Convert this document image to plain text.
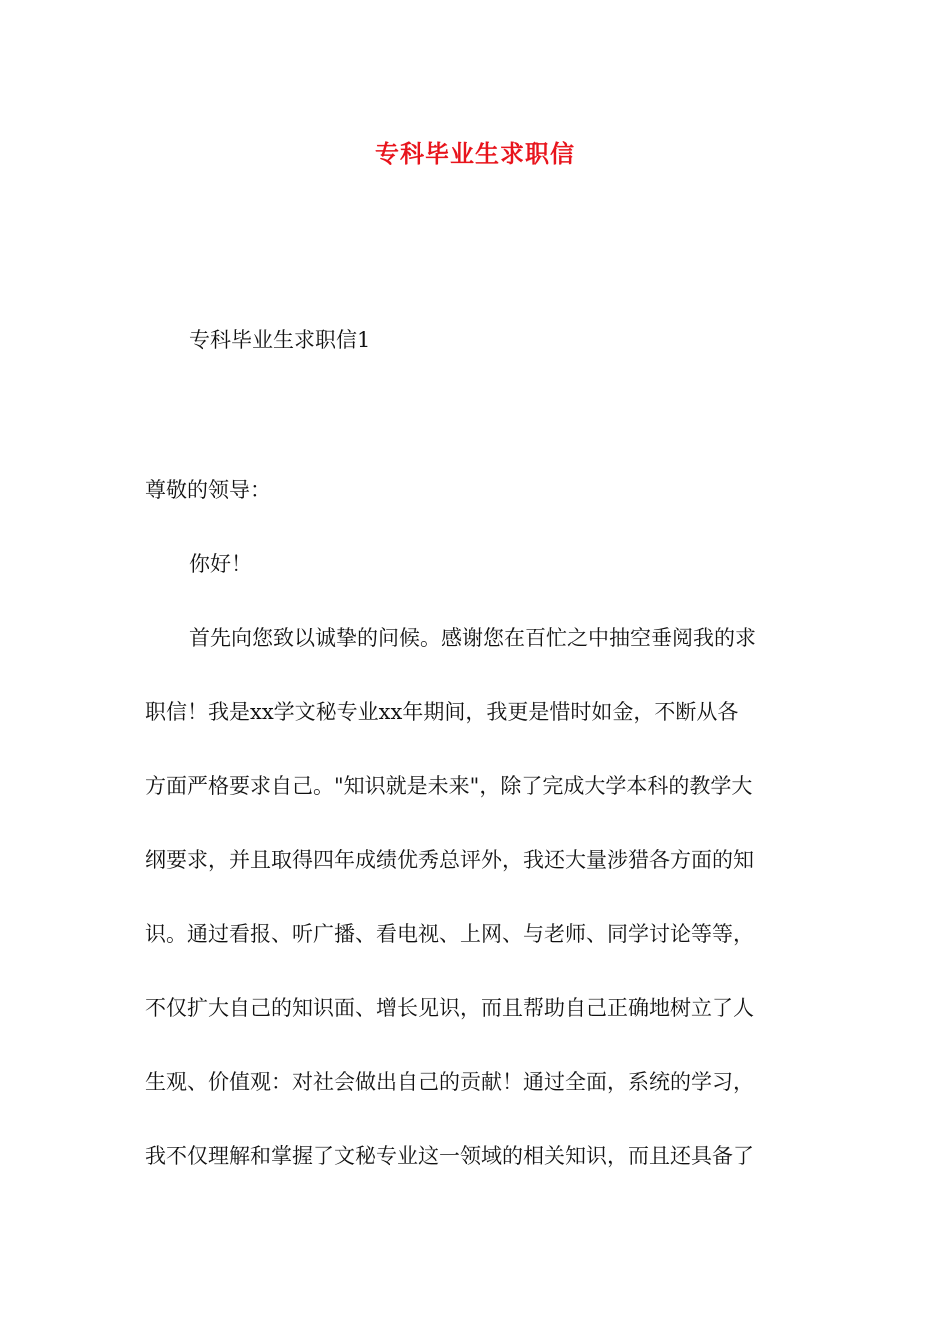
专科毕业生求职信
专科毕业生求职信1
尊敬的领导：
你好！
首先向您致以诚挚的问候。感谢您在百忙之中抽空垂阅我的求
职信！我是xx学文秘专业xx年期间，我更是惜时如金，不断从各
方面严格要求自己。"知识就是未来"，除了完成大学本科的教学大
纲要求，并且取得四年成绩优秀总评外，我还大量涉猎各方面的知
识。通过看报、听广播、看电视、上网、与老师、同学讨论等等，
不仅扩大自己的知识面、增长见识，而且帮助自己正确地树立了人
生观、价值观：对社会做出自己的贡献！通过全面，系统的学习，
我不仅理解和掌握了文秘专业这一领域的相关知识，而且还具备了
